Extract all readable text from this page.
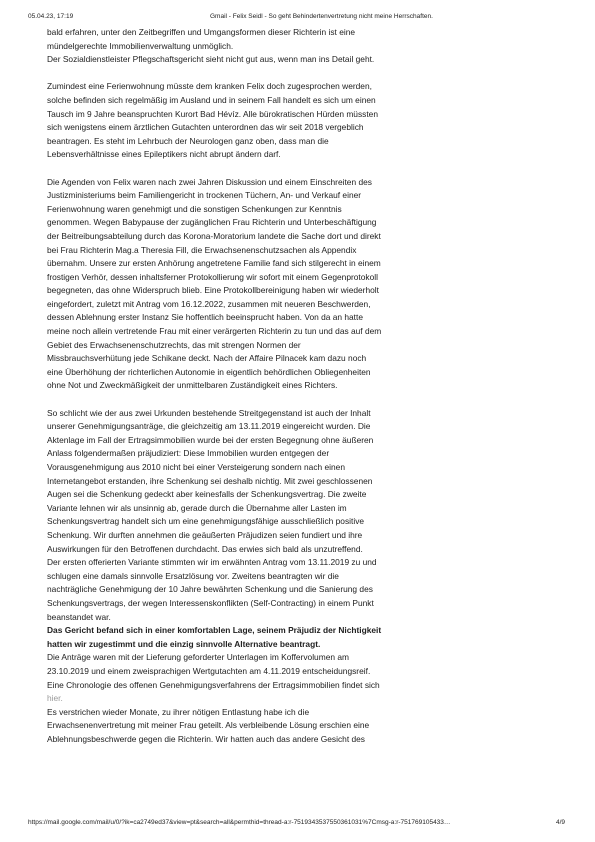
05.04.23, 17:19	Gmail - Felix Seidl - So geht Behindertenvertretung nicht meine Herrschaften.
bald erfahren, unter den Zeitbegriffen und Umgangsformen dieser Richterin ist eine
mündelgerechte Immobilienverwaltung unmöglich.
Der Sozialdienstleister Pflegschaftsgericht sieht nicht gut aus, wenn man ins Detail geht.
Zumindest eine Ferienwohnung müsste dem kranken Felix doch zugesprochen werden,
solche befinden sich regelmäßig im Ausland und in seinem Fall handelt es sich um einen
Tausch im 9 Jahre beanspruchten Kurort Bad Hévíz. Alle bürokratischen Hürden müssten
sich wenigstens einem ärztlichen Gutachten unterordnen das wir seit 2018 vergeblich
beantragen. Es steht im Lehrbuch der Neurologen ganz oben, dass man die
Lebensverhältnisse eines Epileptikers nicht abrupt ändern darf.
Die Agenden von Felix waren nach zwei Jahren Diskussion und einem Einschreiten des
Justizministeriums beim Familiengericht in trockenen Tüchern, An- und Verkauf einer
Ferienwohnung waren genehmigt und die sonstigen Schenkungen zur Kenntnis
genommen. Wegen Babypause der zugänglichen Frau Richterin und Unterbeschäftigung
der Beitreibungsabteilung durch das Korona-Moratorium landete die Sache dort und direkt
bei Frau Richterin Mag.a Theresia Fill, die Erwachsenenschutzsachen als Appendix
übernahm. Unsere zur ersten Anhörung angetretene Familie fand sich stilgerecht in einem
frostigen Verhör, dessen inhaltsferner Protokollierung wir sofort mit einem Gegenprotokoll
begegneten, das ohne Widerspruch blieb. Eine Protokollbereinigung haben wir wiederholt
eingefordert, zuletzt mit Antrag vom 16.12.2022, zusammen mit neueren Beschwerden,
dessen Ablehnung erster Instanz Sie hoffentlich beeinsprucht haben. Von da an hatte
meine noch allein vertretende Frau mit einer verärgerten Richterin zu tun und das auf dem
Gebiet des Erwachsenenschutzrechts, das mit strengen Normen der
Missbrauchsverhütung jede Schikane deckt. Nach der Affaire Pilnacek kam dazu noch
eine Überhöhung der richterlichen Autonomie in eigentlich behördlichen Obliegenheiten
ohne Not und Zweckmäßigkeit der unmittelbaren Zuständigkeit eines Richters.
So schlicht wie der aus zwei Urkunden bestehende Streitgegenstand ist auch der Inhalt
unserer Genehmigungsanträge, die gleichzeitig am 13.11.2019 eingereicht wurden. Die
Aktenlage im Fall der Ertragsimmobilien wurde bei der ersten Begegnung ohne äußeren
Anlass folgendermaßen präjudiziert: Diese Immobilien wurden entgegen der
Vorausgenehmigung aus 2010 nicht bei einer Versteigerung sondern nach einen
Internetangebot erstanden, ihre Schenkung sei deshalb nichtig. Mit zwei geschlossenen
Augen sei die Schenkung gedeckt aber keinesfalls der Schenkungsvertrag. Die zweite
Variante lehnen wir als unsinnig ab, gerade durch die Übernahme aller Lasten im
Schenkungsvertrag handelt sich um eine genehmigungsfähige ausschließlich positive
Schenkung. Wir durften annehmen die geäußerten Präjudizen seien fundiert und ihre
Auswirkungen für den Betroffenen durchdacht. Das erwies sich bald als unzutreffend.
Der ersten offerierten Variante stimmten wir im erwähnten Antrag vom 13.11.2019 zu und
schlugen eine damals sinnvolle Ersatzlösung vor. Zweitens beantragten wir die
nachträgliche Genehmigung der 10 Jahre bewährten Schenkung und die Sanierung des
Schenkungsvertrags, der wegen Interessenskonflikten (Self-Contracting) in einem Punkt
beanstandet war.
Das Gericht befand sich in einer komfortablen Lage, seinem Präjudiz der Nichtigkeit
hatten wir zugestimmt und die einzig sinnvolle Alternative beantragt.
Die Anträge waren mit der Lieferung geforderter Unterlagen im Koffervolumen am
23.10.2019 und einem zweisprachigen Wertgutachten am 4.11.2019 entscheidungsreif.
Eine Chronologie des offenen Genehmigungsverfahrens der Ertragsimmobilien findet sich
hier.
Es verstrichen wieder Monate, zu ihrer nötigen Entlastung habe ich die
Erwachsenenvertretung mit meiner Frau geteilt. Als verbleibende Lösung erschien eine
Ablehnungsbeschwerde gegen die Richterin. Wir hatten auch das andere Gesicht des
https://mail.google.com/mail/u/0/?ik=ca2749ed37&view=pt&search=all&permthid=thread-a:r-7519343537550361031%7Cmsg-a:r-751769105433…	4/9
